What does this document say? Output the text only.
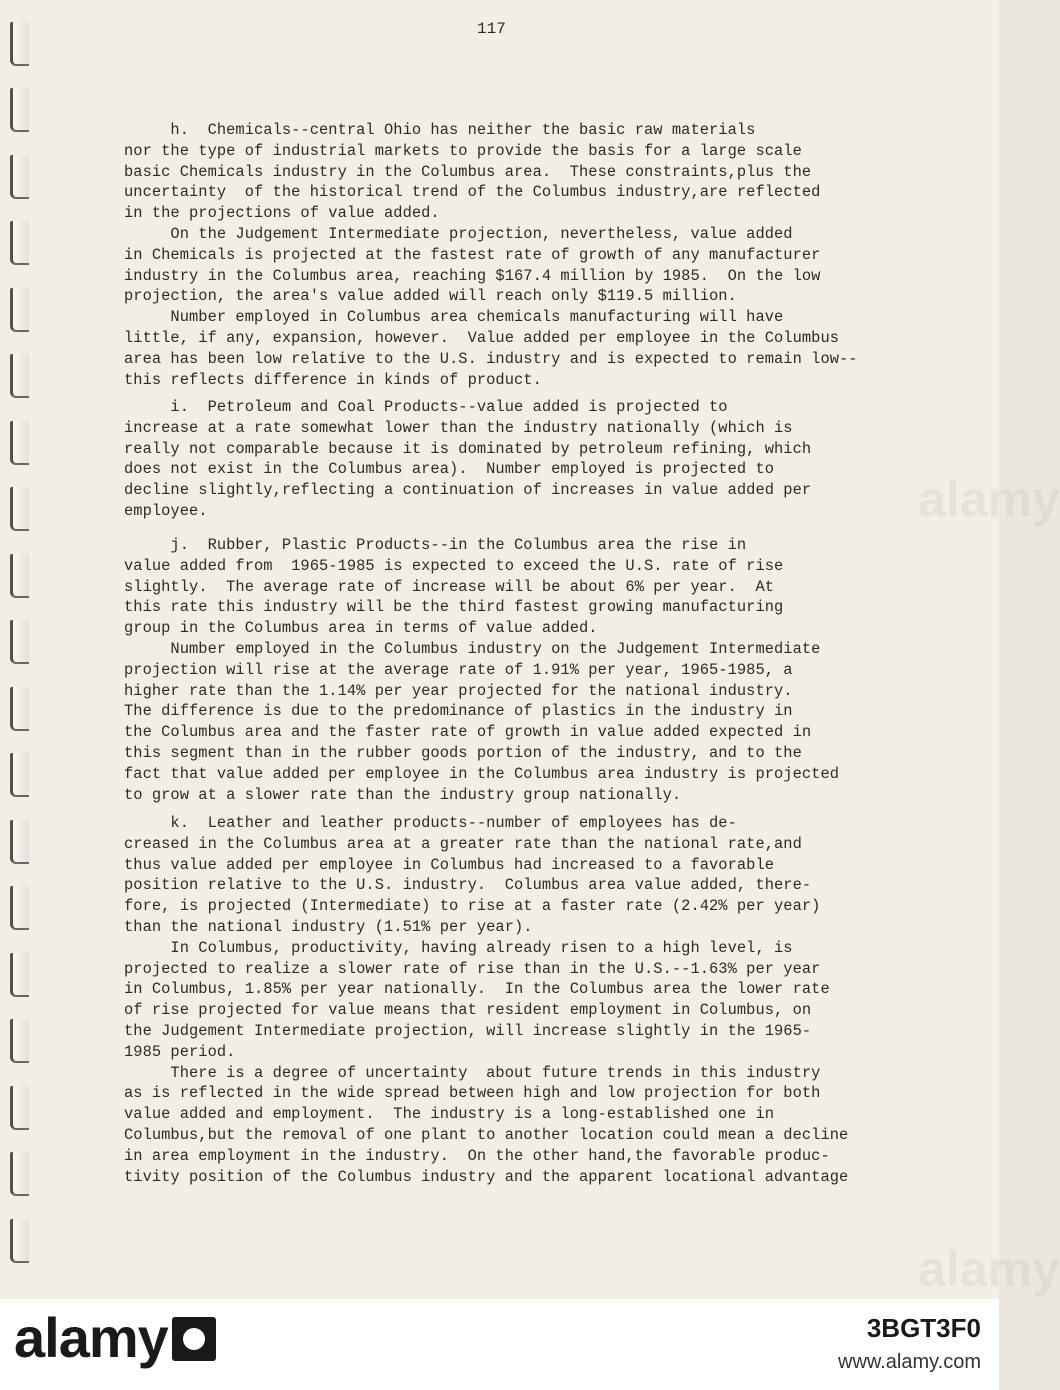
alamy
alamy
117
h.  Chemicals--central Ohio has neither the basic raw materials
nor the type of industrial markets to provide the basis for a large scale
basic Chemicals industry in the Columbus area.  These constraints,plus the
uncertainty  of the historical trend of the Columbus industry,are reflected
in the projections of value added.
On the Judgement Intermediate projection, nevertheless, value added
in Chemicals is projected at the fastest rate of growth of any manufacturer
industry in the Columbus area, reaching $167.4 million by 1985.  On the low
projection, the area's value added will reach only $119.5 million.
Number employed in Columbus area chemicals manufacturing will have
little, if any, expansion, however.  Value added per employee in the Columbus
area has been low relative to the U.S. industry and is expected to remain low--
this reflects difference in kinds of product.
i.  Petroleum and Coal Products--value added is projected to
increase at a rate somewhat lower than the industry nationally (which is
really not comparable because it is dominated by petroleum refining, which
does not exist in the Columbus area).  Number employed is projected to
decline slightly,reflecting a continuation of increases in value added per
employee.
j.  Rubber, Plastic Products--in the Columbus area the rise in
value added from  1965-1985 is expected to exceed the U.S. rate of rise
slightly.  The average rate of increase will be about 6% per year.  At
this rate this industry will be the third fastest growing manufacturing
group in the Columbus area in terms of value added.
Number employed in the Columbus industry on the Judgement Intermediate
projection will rise at the average rate of 1.91% per year, 1965-1985, a
higher rate than the 1.14% per year projected for the national industry.
The difference is due to the predominance of plastics in the industry in
the Columbus area and the faster rate of growth in value added expected in
this segment than in the rubber goods portion of the industry, and to the
fact that value added per employee in the Columbus area industry is projected
to grow at a slower rate than the industry group nationally.
k.  Leather and leather products--number of employees has de-
creased in the Columbus area at a greater rate than the national rate,and
thus value added per employee in Columbus had increased to a favorable
position relative to the U.S. industry.  Columbus area value added, there-
fore, is projected (Intermediate) to rise at a faster rate (2.42% per year)
than the national industry (1.51% per year).
In Columbus, productivity, having already risen to a high level, is
projected to realize a slower rate of rise than in the U.S.--1.63% per year
in Columbus, 1.85% per year nationally.  In the Columbus area the lower rate
of rise projected for value means that resident employment in Columbus, on
the Judgement Intermediate projection, will increase slightly in the 1965-
1985 period.
There is a degree of uncertainty  about future trends in this industry
as is reflected in the wide spread between high and low projection for both
value added and employment.  The industry is a long-established one in
Columbus,but the removal of one plant to another location could mean a decline
in area employment in the industry.  On the other hand,the favorable produc-
tivity position of the Columbus industry and the apparent locational advantage
alamy	3BGT3F0
www.alamy.com
